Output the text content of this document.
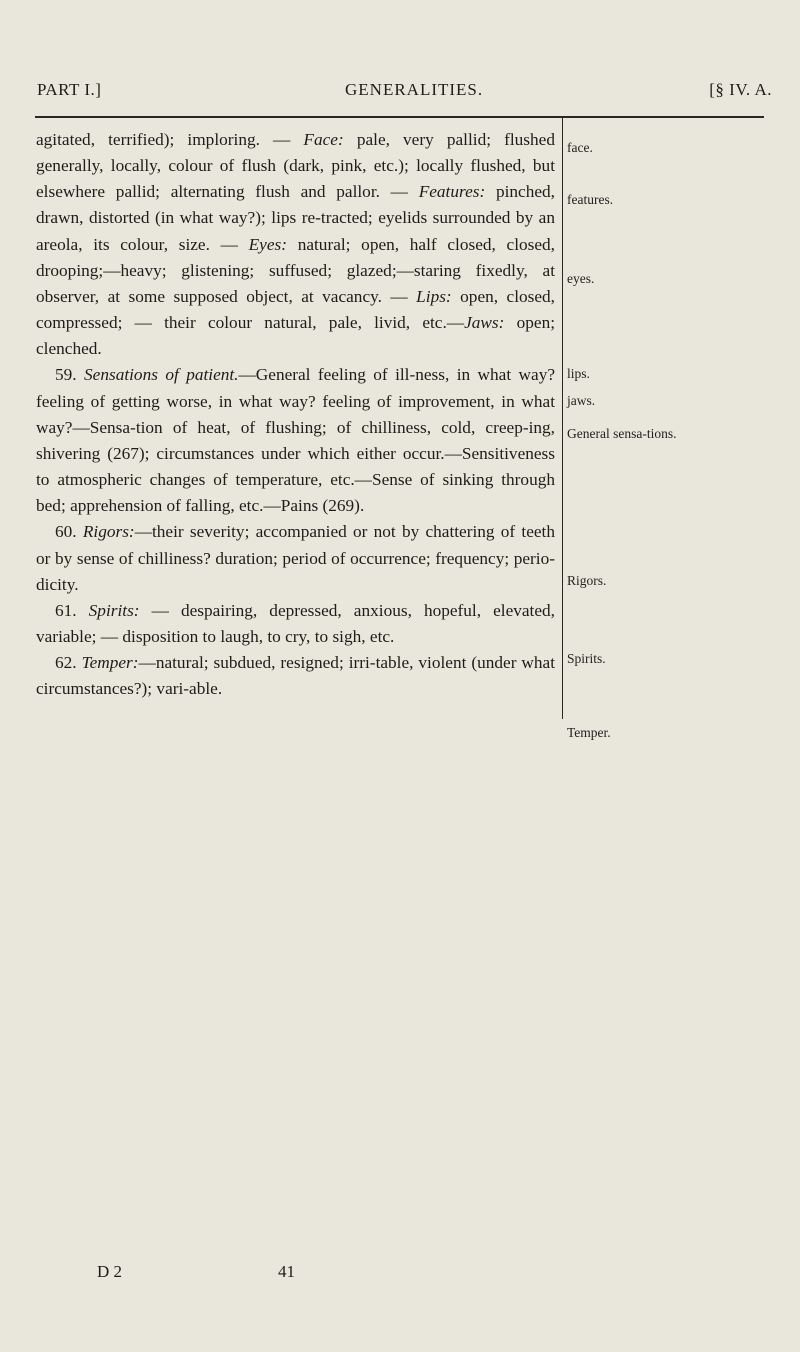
PART I.]	GENERALITIES.	[§ IV. A.

agitated, terrified); imploring. — Face: pale, very pallid; flushed generally, locally, colour of flush (dark, pink, etc.); locally flushed, but elsewhere pallid; alternating flush and pallor. — Features: pinched, drawn, distorted (in what way?); lips re-tracted; eyelids surrounded by an areola, its colour, size. — Eyes: natural; open, half closed, closed, drooping;—heavy; glistening; suffused; glazed;—staring fixedly, at observer, at some supposed object, at vacancy. — Lips: open, closed, compressed; — their colour natural, pale, livid, etc.—Jaws: open; clenched.

59. Sensations of patient.—General feeling of ill-ness, in what way? feeling of getting worse, in what way? feeling of improvement, in what way?—Sensa-tion of heat, of flushing; of chilliness, cold, creep-ing, shivering (267); circumstances under which either occur.—Sensitiveness to atmospheric changes of temperature, etc.—Sense of sinking through bed; apprehension of falling, etc.—Pains (269).

60. Rigors:—their severity; accompanied or not by chattering of teeth or by sense of chilliness? duration; period of occurrence; frequency; perio-dicity.

61. Spirits: — despairing, depressed, anxious, hopeful, elevated, variable; — disposition to laugh, to cry, to sigh, etc.

62. Temper:—natural; subdued, resigned; irri-table, violent (under what circumstances?); vari-able.

face.
features.
eyes.
lips.
jaws.
General sensa-tions.
Rigors.
Spirits.
Temper.
D 2	41
